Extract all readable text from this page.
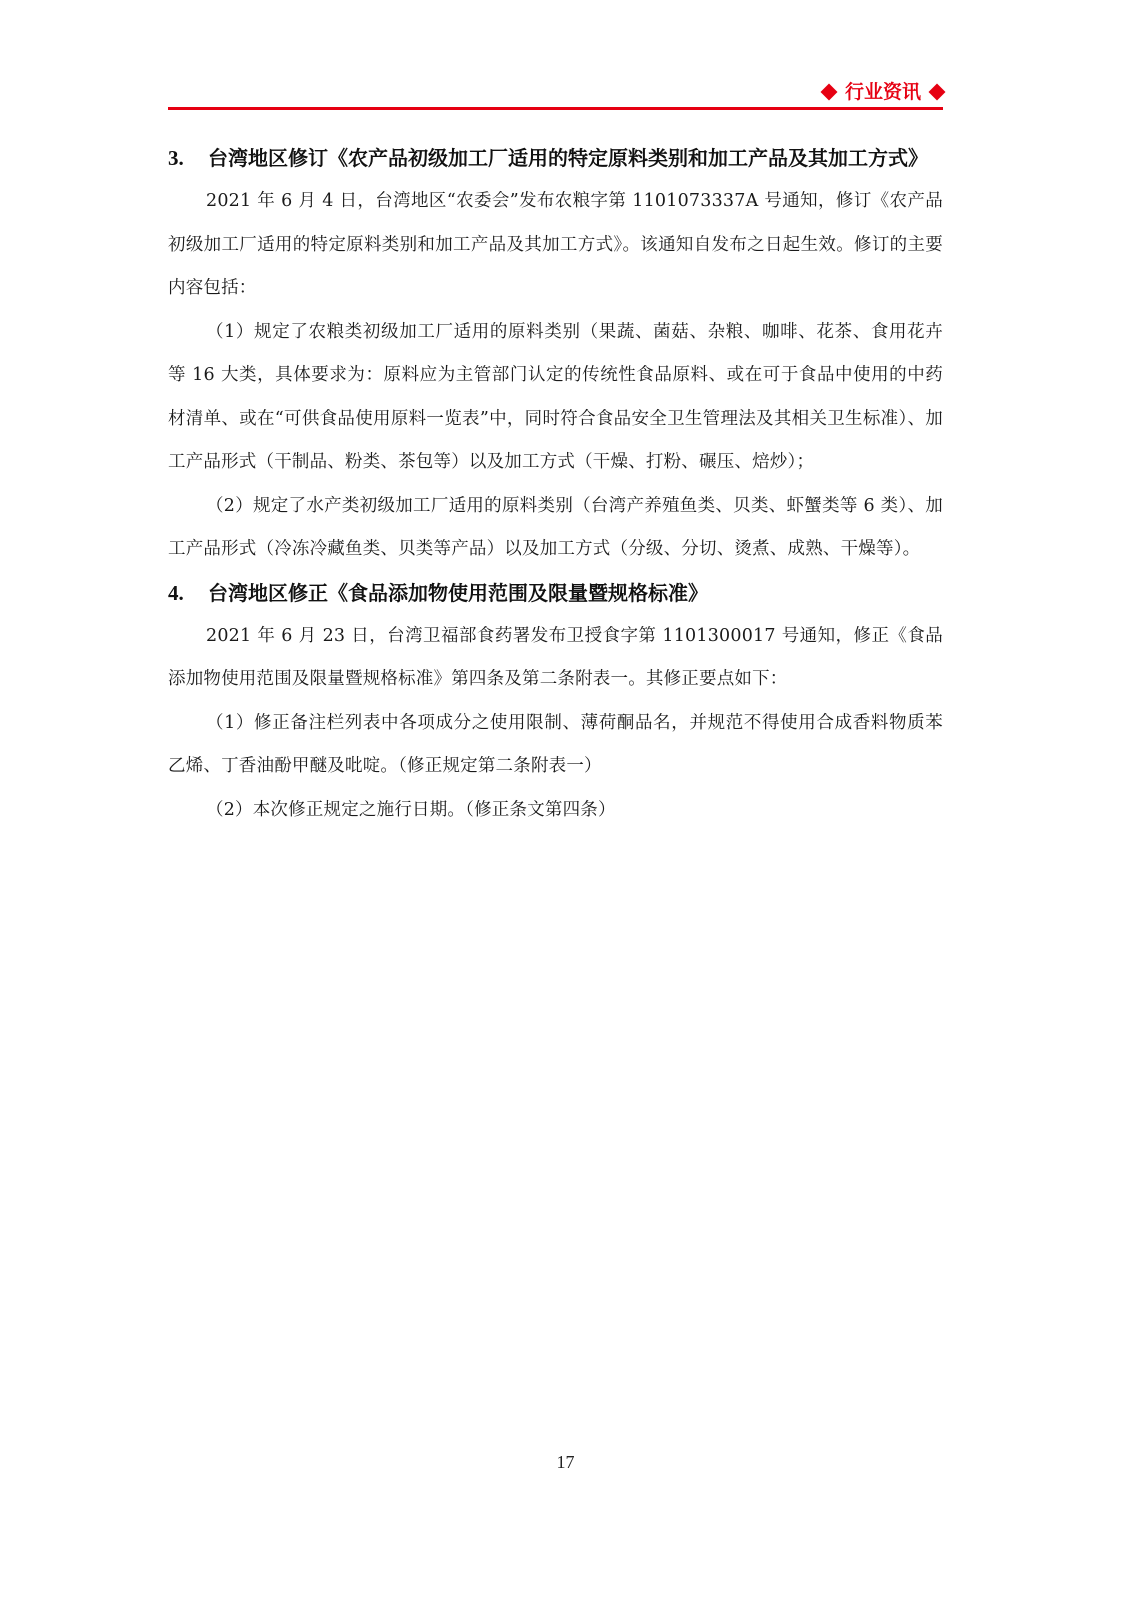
行业资讯
3.	台湾地区修订《农产品初级加工厂适用的特定原料类别和加工产品及其加工方式》

2021 年 6 月 4 日，台湾地区“农委会”发布农粮字第 1101073337A 号通知，修订《农产品初级加工厂适用的特定原料类别和加工产品及其加工方式》。该通知自发布之日起生效。修订的主要内容包括：

（1）规定了农粮类初级加工厂适用的原料类别（果蔬、菌菇、杂粮、咖啡、花茶、食用花卉等 16 大类，具体要求为：原料应为主管部门认定的传统性食品原料、或在可于食品中使用的中药材清单、或在“可供食品使用原料一览表”中，同时符合食品安全卫生管理法及其相关卫生标准）、加工产品形式（干制品、粉类、茶包等）以及加工方式（干燥、打粉、碾压、焙炒）；

（2）规定了水产类初级加工厂适用的原料类别（台湾产养殖鱼类、贝类、虾蟹类等 6 类）、加工产品形式（冷冻冷藏鱼类、贝类等产品）以及加工方式（分级、分切、烫煮、成熟、干燥等）。

4.	台湾地区修正《食品添加物使用范围及限量暨规格标准》

2021 年 6 月 23 日，台湾卫福部食药署发布卫授食字第 1101300017 号通知，修正《食品添加物使用范围及限量暨规格标准》第四条及第二条附表一。其修正要点如下：

（1）修正备注栏列表中各项成分之使用限制、薄荷酮品名，并规范不得使用合成香料物质苯乙烯、丁香油酚甲醚及吡啶。（修正规定第二条附表一）

（2）本次修正规定之施行日期。（修正条文第四条）

17
